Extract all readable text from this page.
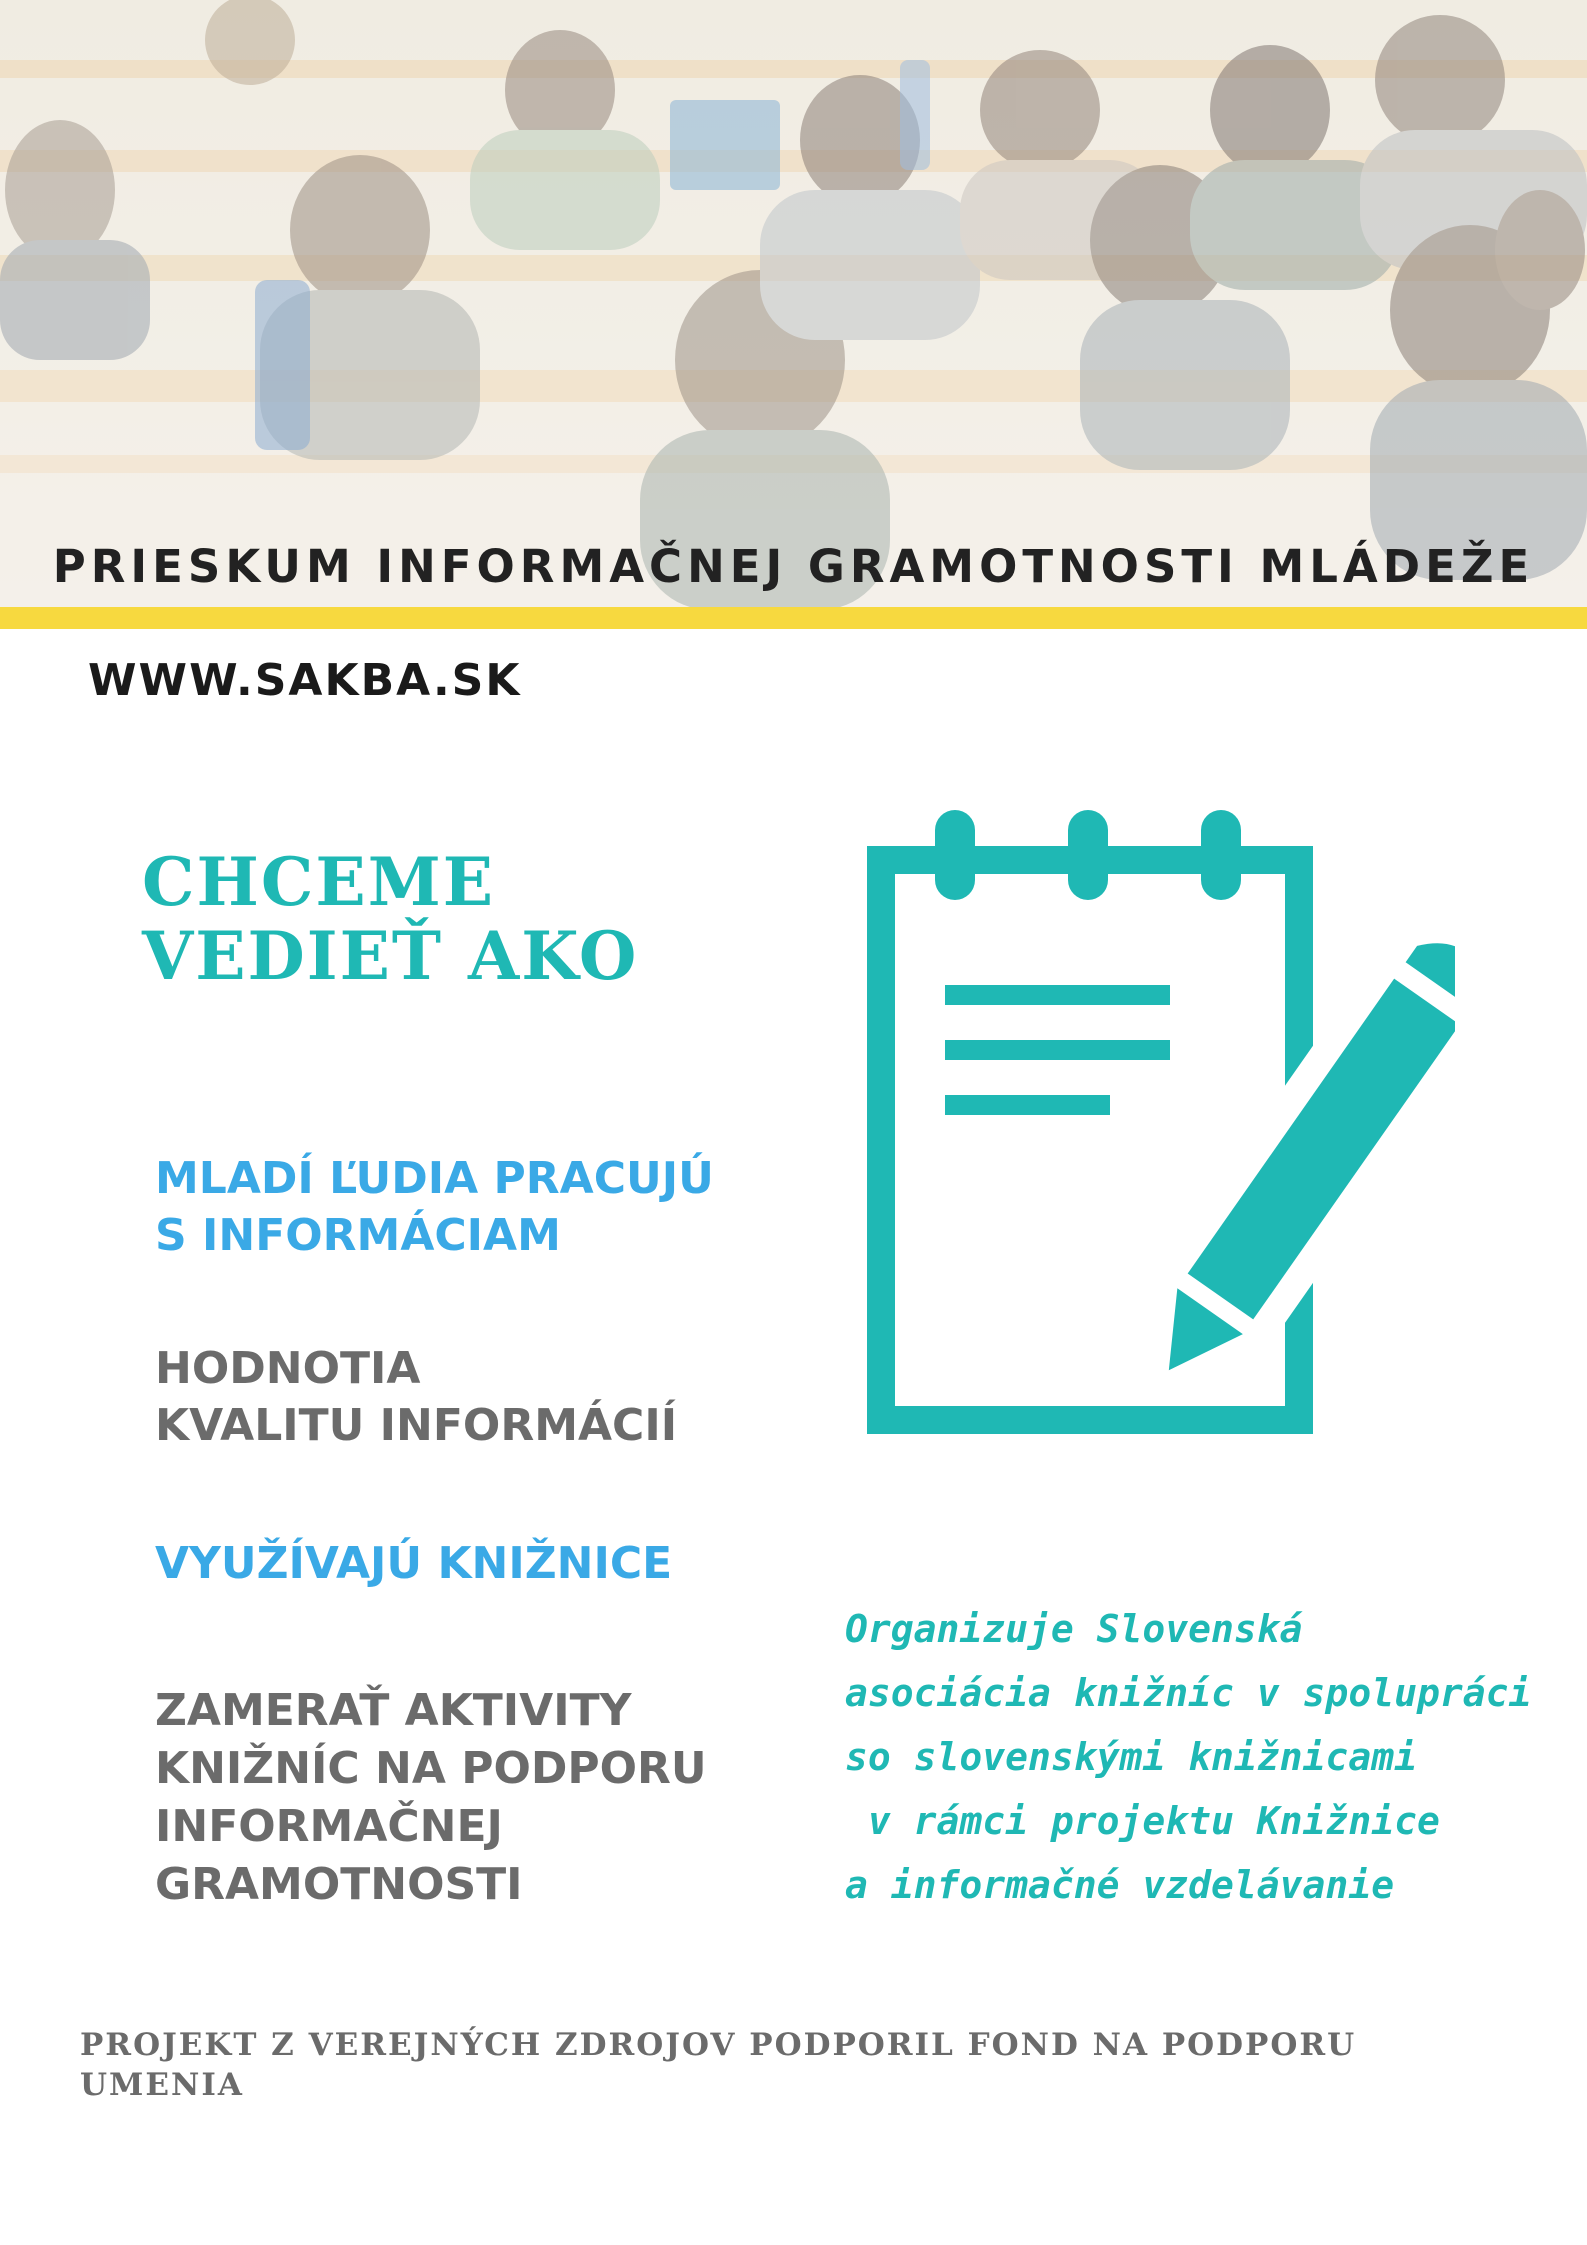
PRIESKUM INFORMAČNEJ GRAMOTNOSTI MLÁDEŽE
WWW.SAKBA.SK
CHCEME
VEDIEŤ AKO
MLADÍ ĽUDIA PRACUJÚ
S INFORMÁCIAM
HODNOTIA
KVALITU INFORMÁCIÍ
VYUŽÍVAJÚ KNIŽNICE
ZAMERAŤ AKTIVITY
KNIŽNÍC NA PODPORU
INFORMAČNEJ
GRAMOTNOSTI
Organizuje Slovenská
asociácia knižníc v spolupráci
so slovenskými knižnicami
v rámci projektu Knižnice
a informačné vzdelávanie
PROJEKT Z VEREJNÝCH ZDROJOV PODPORIL FOND NA PODPORU
UMENIA
